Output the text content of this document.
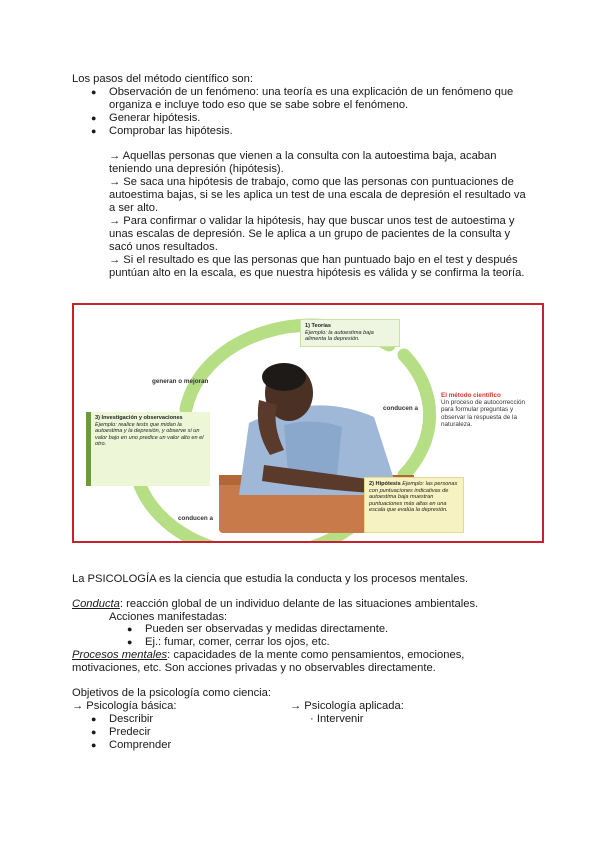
Los pasos del método científico son:
● Observación de un fenómeno: una teoría es una explicación de un fenómeno que
organiza e incluye todo eso que se sabe sobre el fenómeno.
● Generar hipótesis.
● Comprobar las hipótesis.
→ Aquellas personas que vienen a la consulta con la autoestima baja, acaban
teniendo una depresión (hipótesis).
→ Se saca una hipótesis de trabajo, como que las personas con puntuaciones de
autoestima bajas, si se les aplica un test de una escala de depresión el resultado va
a ser alto.
→ Para confirmar o validar la hipótesis, hay que buscar unos test de autoestima y
unas escalas de depresión. Se le aplica a un grupo de pacientes de la consulta y
sacó unos resultados.
→ Si el resultado es que las personas que han puntuado bajo en el test y después
puntúan alto en la escala, es que nuestra hipótesis es válida y se confirma la teoría.
1) Teorías
Ejemplo: la autoestima baja alimenta la depresión.
generan o mejoran
conducen a
conducen a
El método científico
Un proceso de autocorrección para formular preguntas y observar la respuesta de la naturaleza.
3) Investigación y observaciones
Ejemplo: realice tests que midan la autoestima y la depresión, y observe si un valor bajo en uno predice un valor alto en el otro.
2) Hipótesis Ejemplo: las personas con puntuaciones indicativas de autoestima baja muestran puntuaciones más altas en una escala que evalúa la depresión.
La PSICOLOGÍA es la ciencia que estudia la conducta y los procesos mentales.
Conducta: reacción global de un individuo delante de las situaciones ambientales.
Acciones manifestadas:
● Pueden ser observadas y medidas directamente.
● Ej.: fumar, comer, cerrar los ojos, etc.
Procesos mentales: capacidades de la mente como pensamientos, emociones,
motivaciones, etc. Son acciones privadas y no observables directamente.
Objetivos de la psicología como ciencia:
→ Psicología básica:
● Describir
● Predecir
● Comprender
→ Psicología aplicada:
· Intervenir
